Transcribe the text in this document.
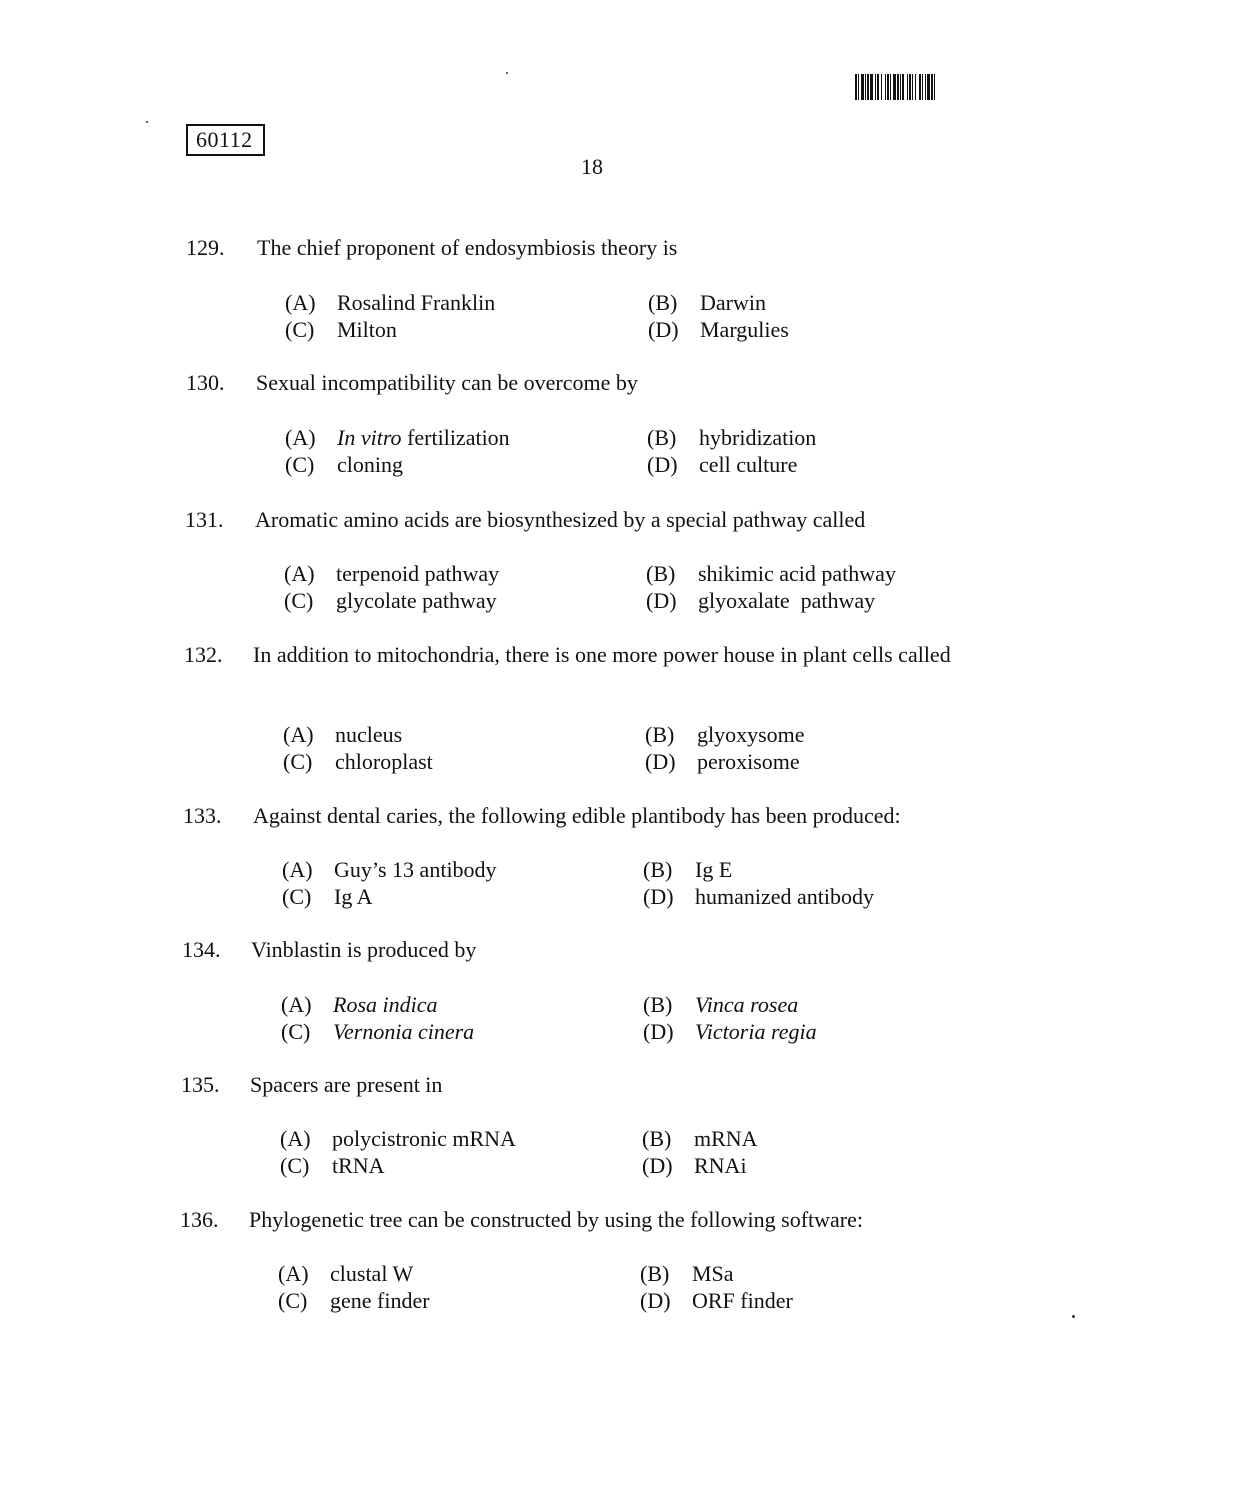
60112
18
129.	The chief proponent of endosymbiosis theory is
(A) Rosalind Franklin	(B) Darwin
(C) Milton	(D) Margulies
130.	Sexual incompatibility can be overcome by
(A) In vitro fertilization	(B) hybridization
(C) cloning	(D) cell culture
131.	Aromatic amino acids are biosynthesized by a special pathway called
(A) terpenoid pathway	(B) shikimic acid pathway
(C) glycolate pathway	(D) glyoxalate  pathway
132.	In addition to mitochondria, there is one more power house in plant cells called
(A) nucleus	(B) glyoxysome
(C) chloroplast	(D) peroxisome
133.	Against dental caries, the following edible plantibody has been produced:
(A) Guy’s 13 antibody	(B) Ig E
(C) Ig A	(D) humanized antibody
134.	Vinblastin is produced by
(A) Rosa indica	(B) Vinca rosea
(C) Vernonia cinera	(D) Victoria regia
135.	Spacers are present in
(A) polycistronic mRNA	(B) mRNA
(C) tRNA	(D) RNAi
136.	Phylogenetic tree can be constructed by using the following software:
(A) clustal W	(B) MSa
(C) gene finder	(D) ORF finder
